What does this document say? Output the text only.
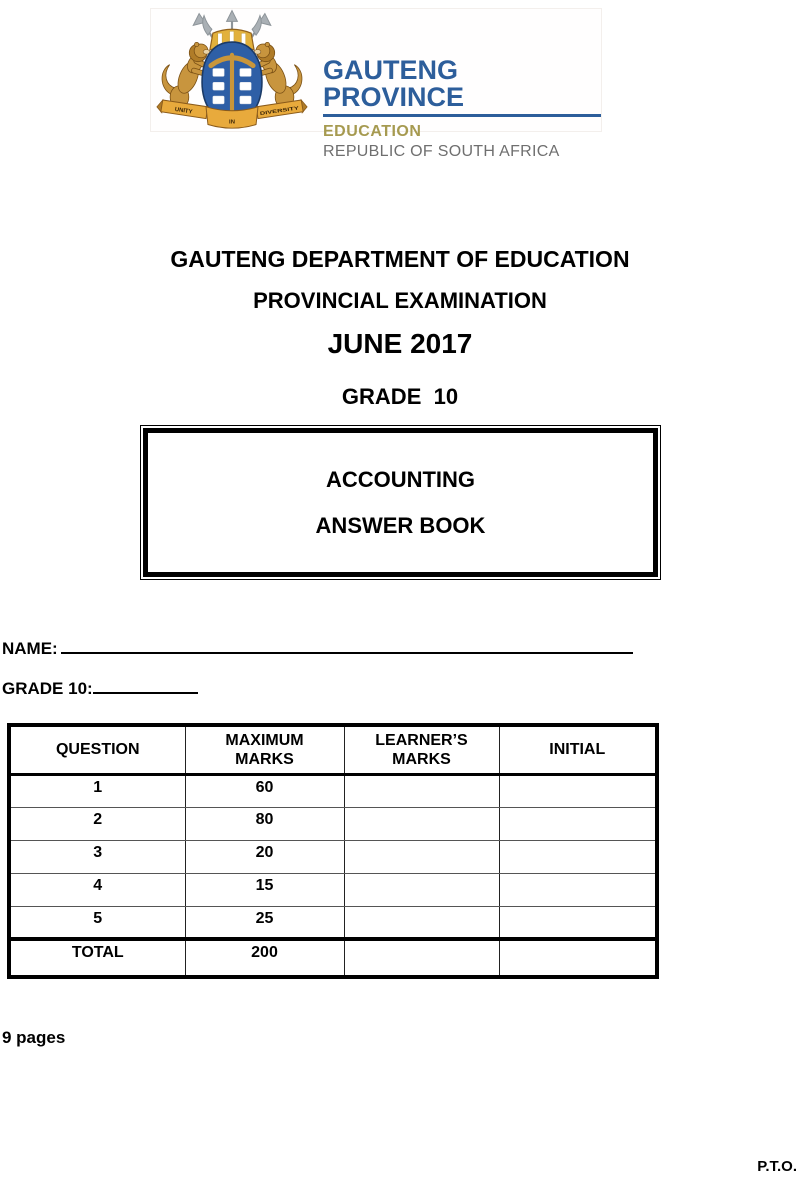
UNITY	DIVERSITY
IN
GAUTENG PROVINCE
EDUCATION
REPUBLIC OF SOUTH AFRICA
GAUTENG DEPARTMENT OF EDUCATION
PROVINCIAL EXAMINATION
JUNE 2017
GRADE  10
ACCOUNTING
ANSWER BOOK
NAME:
GRADE 10:
QUESTION	MAXIMUM MARKS	LEARNER’S MARKS	INITIAL
1	60		
2	80		
3	20		
4	15		
5	25		
TOTAL	200		
9 pages
P.T.O.
